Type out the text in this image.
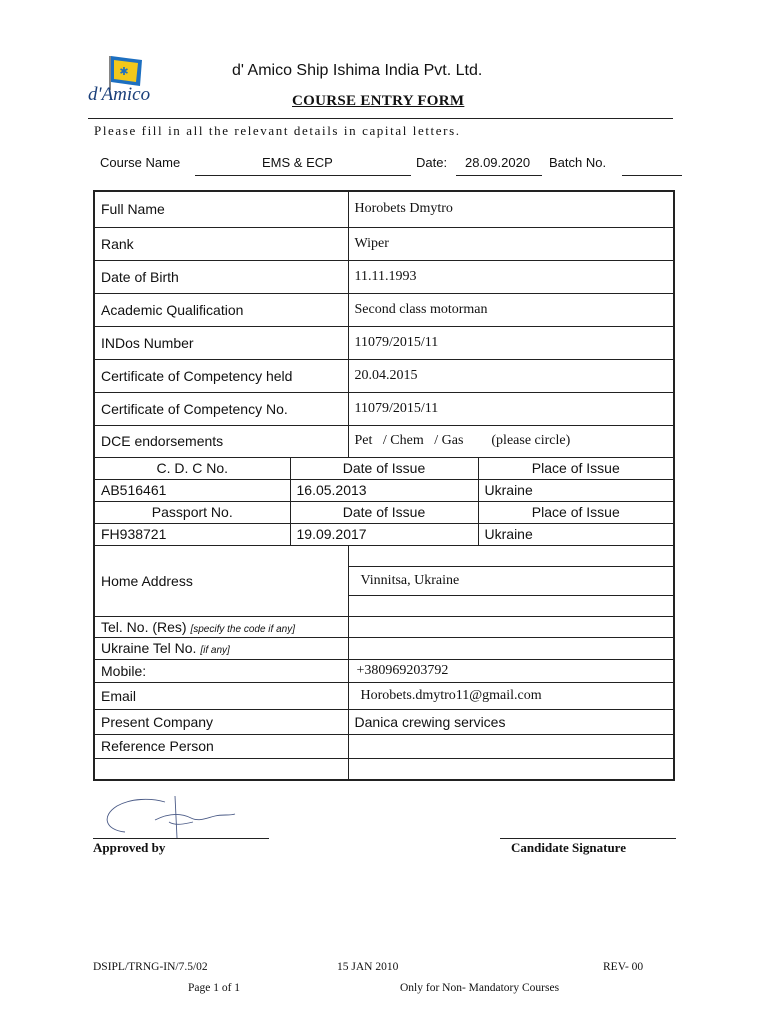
✱
d'Amico
d' Amico Ship Ishima India Pvt. Ltd.
COURSE ENTRY FORM
Please fill in all the relevant details in capital letters.
Course Name	EMS & ECP	Date: 28.09.2020 Batch No.
Full Name		Horobets Dmytro	
Rank		Wiper	
Date of Birth		11.11.1993	
Academic Qualification		Second class motorman	
INDos Number		11079/2015/11	
Certificate of Competency held		20.04.2015	
Certificate of Competency No.		11079/2015/11	
DCE endorsements		Pet   / Chem   / Gas        (please circle)	
C. D. C No.	Date of Issue		Place of Issue
AB516461	16.05.2013		Ukraine
Passport No.	Date of Issue		Place of Issue
FH938721	19.09.2017		Ukraine
Home Address			
		Vinnitsa, Ukraine	

Tel. No. (Res) [specify the code if any]			
Ukraine Tel No. [if any]			
Mobile:		+380969203792	
Email		Horobets.dmytro11@gmail.com	
Present Company		Danica crewing services	
Reference Person			

Approved by	Candidate Signature
DSIPL/TRNG-IN/7.5/02	15 JAN 2010	REV- 00
Page 1 of 1	Only for Non- Mandatory Courses
